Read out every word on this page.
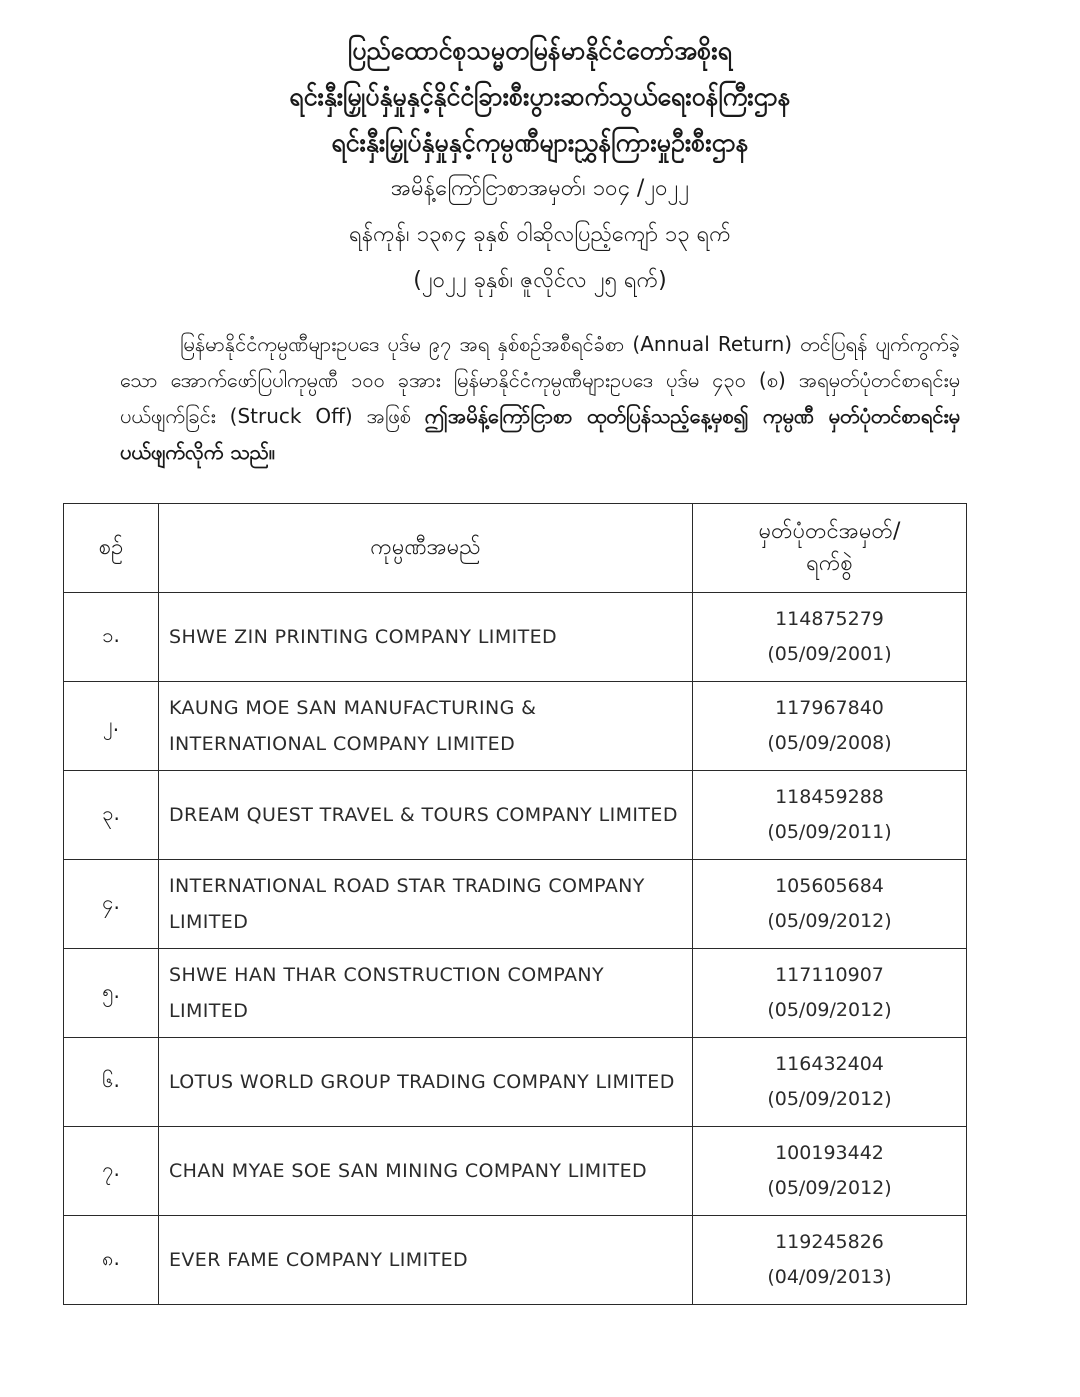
ပြည်ထောင်စုသမ္မတမြန်မာနိုင်ငံတော်အစိုးရ
ရင်းနှီးမြှုပ်နှံမှုနှင့်နိုင်ငံခြားစီးပွားဆက်သွယ်ရေးဝန်ကြီးဌာန
ရင်းနှီးမြှုပ်နှံမှုနှင့်ကုမ္ပဏီများညွှန်ကြားမှုဦးစီးဌာန
အမိန့်ကြော်ငြာစာအမှတ်၊ ၁၀၄ /၂၀၂၂
ရန်ကုန်၊ ၁၃၈၄ ခုနှစ် ဝါဆိုလပြည့်ကျော် ၁၃ ရက်
(၂၀၂၂ ခုနှစ်၊ ဇူလိုင်လ ၂၅ ရက်)
မြန်မာနိုင်ငံကုမ္ပဏီများဥပဒေ ပုဒ်မ ၉၇ အရ နှစ်စဉ်အစီရင်ခံစာ (Annual Return) တင်ပြရန် ပျက်ကွက်ခဲ့သော အောက်ဖော်ပြပါကုမ္ပဏီ ၁၀၀ ခုအား မြန်မာနိုင်ငံကုမ္ပဏီများဥပဒေ ပုဒ်မ ၄၃၀ (စ) အရမှတ်ပုံတင်စာရင်းမှ ပယ်ဖျက်ခြင်း (Struck Off) အဖြစ် ဤအမိန့်ကြော်ငြာစာ ထုတ်ပြန်သည့်နေ့မှစ၍ ကုမ္ပဏီ မှတ်ပုံတင်စာရင်းမှ ပယ်ဖျက်လိုက် သည်။
စဉ်	ကုမ္ပဏီအမည်	မှတ်ပုံတင်အမှတ်/
ရက်စွဲ

၁.	SHWE ZIN PRINTING COMPANY LIMITED	114875279
(05/09/2001)

၂.	KAUNG MOE SAN MANUFACTURING & INTERNATIONAL COMPANY LIMITED	117967840
(05/09/2008)

၃.	DREAM QUEST TRAVEL & TOURS COMPANY LIMITED	118459288
(05/09/2011)

၄.	INTERNATIONAL ROAD STAR TRADING COMPANY LIMITED	105605684
(05/09/2012)

၅.	SHWE HAN THAR CONSTRUCTION COMPANY LIMITED	117110907
(05/09/2012)

၆.	LOTUS WORLD GROUP TRADING COMPANY LIMITED	116432404
(05/09/2012)

၇.	CHAN MYAE SOE SAN MINING COMPANY LIMITED	100193442
(05/09/2012)

၈.	EVER FAME COMPANY LIMITED	119245826
(04/09/2013)
